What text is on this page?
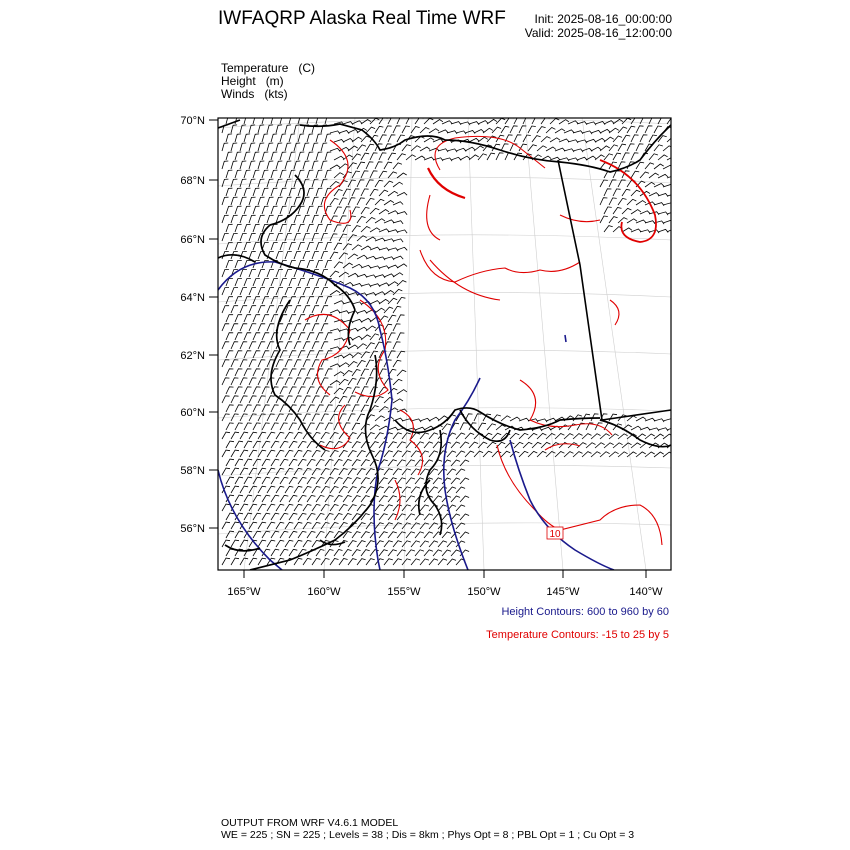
IWFAQRP Alaska Real Time WRF	Init: 2025-08-16_00:00:00
Valid: 2025-08-16_12:00:00
Temperature   (C)
Height   (m)
Winds   (kts)
70°N
68°N
66°N
64°N
62°N
60°N
58°N
56°N
165°W	160°W	155°W	150°W	145°W	140°W
10
Height Contours: 600 to 960 by 60
Temperature Contours: -15 to 25 by 5
OUTPUT FROM WRF V4.6.1 MODEL
WE = 225 ; SN = 225 ; Levels = 38 ; Dis = 8km ; Phys Opt = 8 ; PBL Opt = 1 ; Cu Opt = 3
